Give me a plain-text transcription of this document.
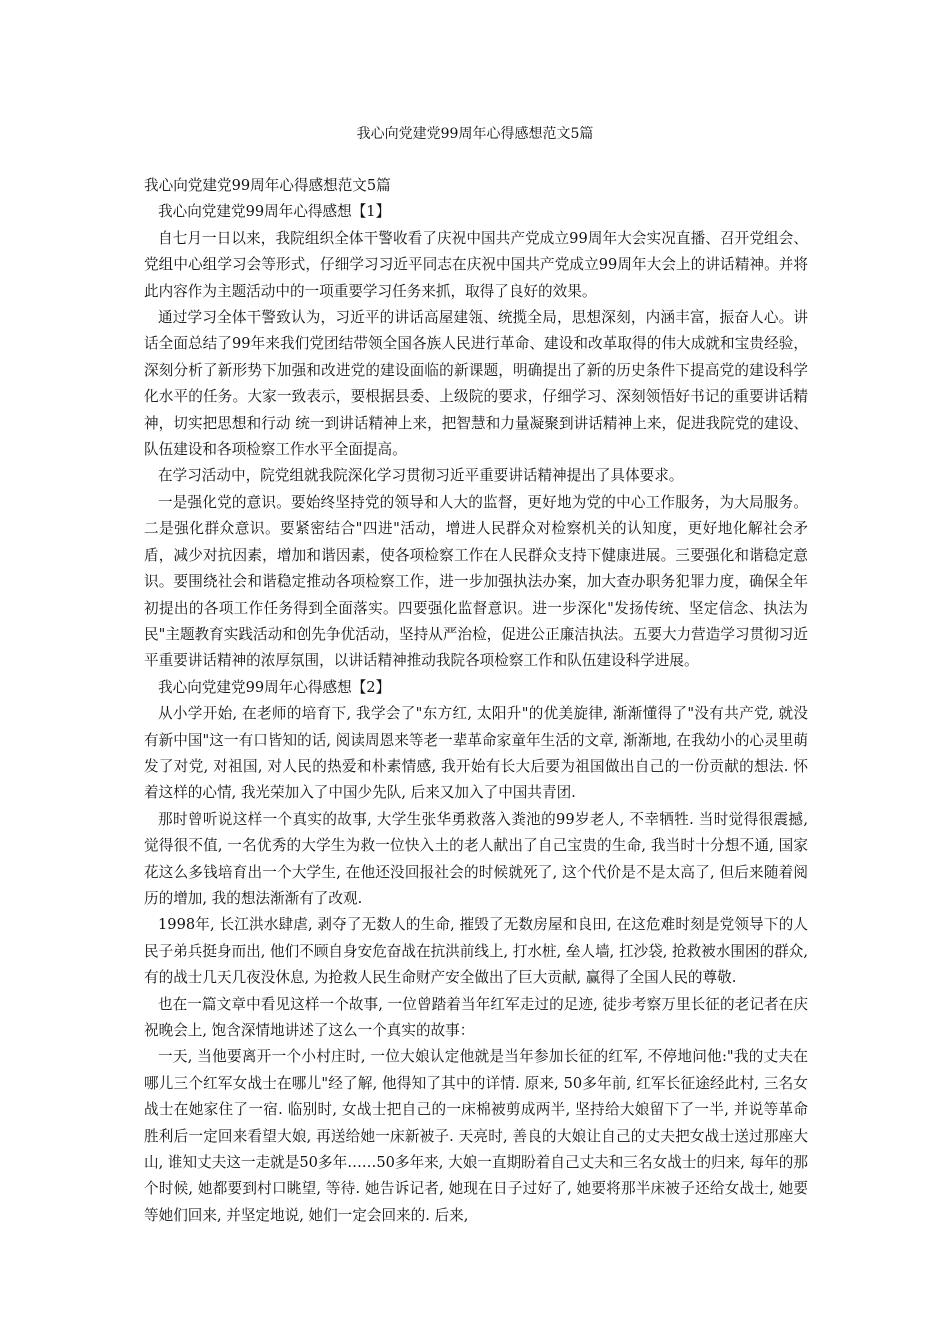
我心向党建党99周年心得感想范文5篇

我心向党建党99周年心得感想范文5篇

我心向党建党99周年心得感想【1】

自七月一日以来，我院组织全体干警收看了庆祝中国共产党成立99周年大会实况直播、召开党组会、党组中心组学习会等形式，仔细学习习近平同志在庆祝中国共产党成立99周年大会上的讲话精神。并将此内容作为主题活动中的一项重要学习任务来抓，取得了良好的效果。

通过学习全体干警致认为，习近平的讲话高屋建瓴、统揽全局，思想深刻，内涵丰富，振奋人心。讲话全面总结了99年来我们党团结带领全国各族人民进行革命、建设和改革取得的伟大成就和宝贵经验，深刻分析了新形势下加强和改进党的建设面临的新课题，明确提出了新的历史条件下提高党的建设科学化水平的任务。大家一致表示，要根据县委、上级院的要求，仔细学习、深刻领悟好书记的重要讲话精神，切实把思想和行动 统一到讲话精神上来，把智慧和力量凝聚到讲话精神上来，促进我院党的建设、队伍建设和各项检察工作水平全面提高。

在学习活动中，院党组就我院深化学习贯彻习近平重要讲话精神提出了具体要求。

一是强化党的意识。要始终坚持党的领导和人大的监督，更好地为党的中心工作服务，为大局服务。二是强化群众意识。要紧密结合"四进"活动，增进人民群众对检察机关的认知度，更好地化解社会矛盾，减少对抗因素，增加和谐因素，使各项检察工作在人民群众支持下健康进展。三要强化和谐稳定意识。要围绕社会和谐稳定推动各项检察工作，进一步加强执法办案，加大查办职务犯罪力度，确保全年初提出的各项工作任务得到全面落实。四要强化监督意识。进一步深化"发扬传统、坚定信念、执法为民"主题教育实践活动和创先争优活动，坚持从严治检，促进公正廉洁执法。五要大力营造学习贯彻习近平重要讲话精神的浓厚氛围，以讲话精神推动我院各项检察工作和队伍建设科学进展。

我心向党建党99周年心得感想【2】

从小学开始, 在老师的培育下, 我学会了"东方红, 太阳升"的优美旋律, 渐渐懂得了"没有共产党, 就没有新中国"这一有口皆知的话, 阅读周恩来等老一辈革命家童年生活的文章, 渐渐地, 在我幼小的心灵里萌发了对党, 对祖国, 对人民的热爱和朴素情感, 我开始有长大后要为祖国做出自己的一份贡献的想法. 怀着这样的心情, 我光荣加入了中国少先队, 后来又加入了中国共青团.

那时曾听说这样一个真实的故事, 大学生张华勇救落入粪池的99岁老人, 不幸牺牲. 当时觉得很震撼, 觉得很不值, 一名优秀的大学生为救一位快入土的老人献出了自己宝贵的生命, 我当时十分想不通, 国家花这么多钱培育出一个大学生, 在他还没回报社会的时候就死了, 这个代价是不是太高了, 但后来随着阅历的增加, 我的想法渐渐有了改观.

1998年, 长江洪水肆虐, 剥夺了无数人的生命, 摧毁了无数房屋和良田, 在这危难时刻是党领导下的人民子弟兵挺身而出, 他们不顾自身安危奋战在抗洪前线上, 打水桩, 垒人墙, 扛沙袋, 抢救被水围困的群众, 有的战士几天几夜没休息, 为抢救人民生命财产安全做出了巨大贡献, 赢得了全国人民的尊敬.

也在一篇文章中看见这样一个故事, 一位曾踏着当年红军走过的足迹, 徒步考察万里长征的老记者在庆祝晚会上, 饱含深情地讲述了这么一个真实的故事：

一天, 当他要离开一个小村庄时, 一位大娘认定他就是当年参加长征的红军, 不停地问他:"我的丈夫在哪儿三个红军女战士在哪儿"经了解, 他得知了其中的详情. 原来, 50多年前, 红军长征途经此村, 三名女战士在她家住了一宿. 临别时, 女战士把自己的一床棉被剪成两半, 坚持给大娘留下了一半, 并说等革命胜利后一定回来看望大娘, 再送给她一床新被子. 天亮时, 善良的大娘让自己的丈夫把女战士送过那座大山, 谁知丈夫这一走就是50多年……50多年来, 大娘一直期盼着自己丈夫和三名女战士的归来, 每年的那个时候, 她都要到村口眺望, 等待. 她告诉记者, 她现在日子过好了, 她要将那半床被子还给女战士, 她要等她们回来, 并坚定地说, 她们一定会回来的. 后来,
